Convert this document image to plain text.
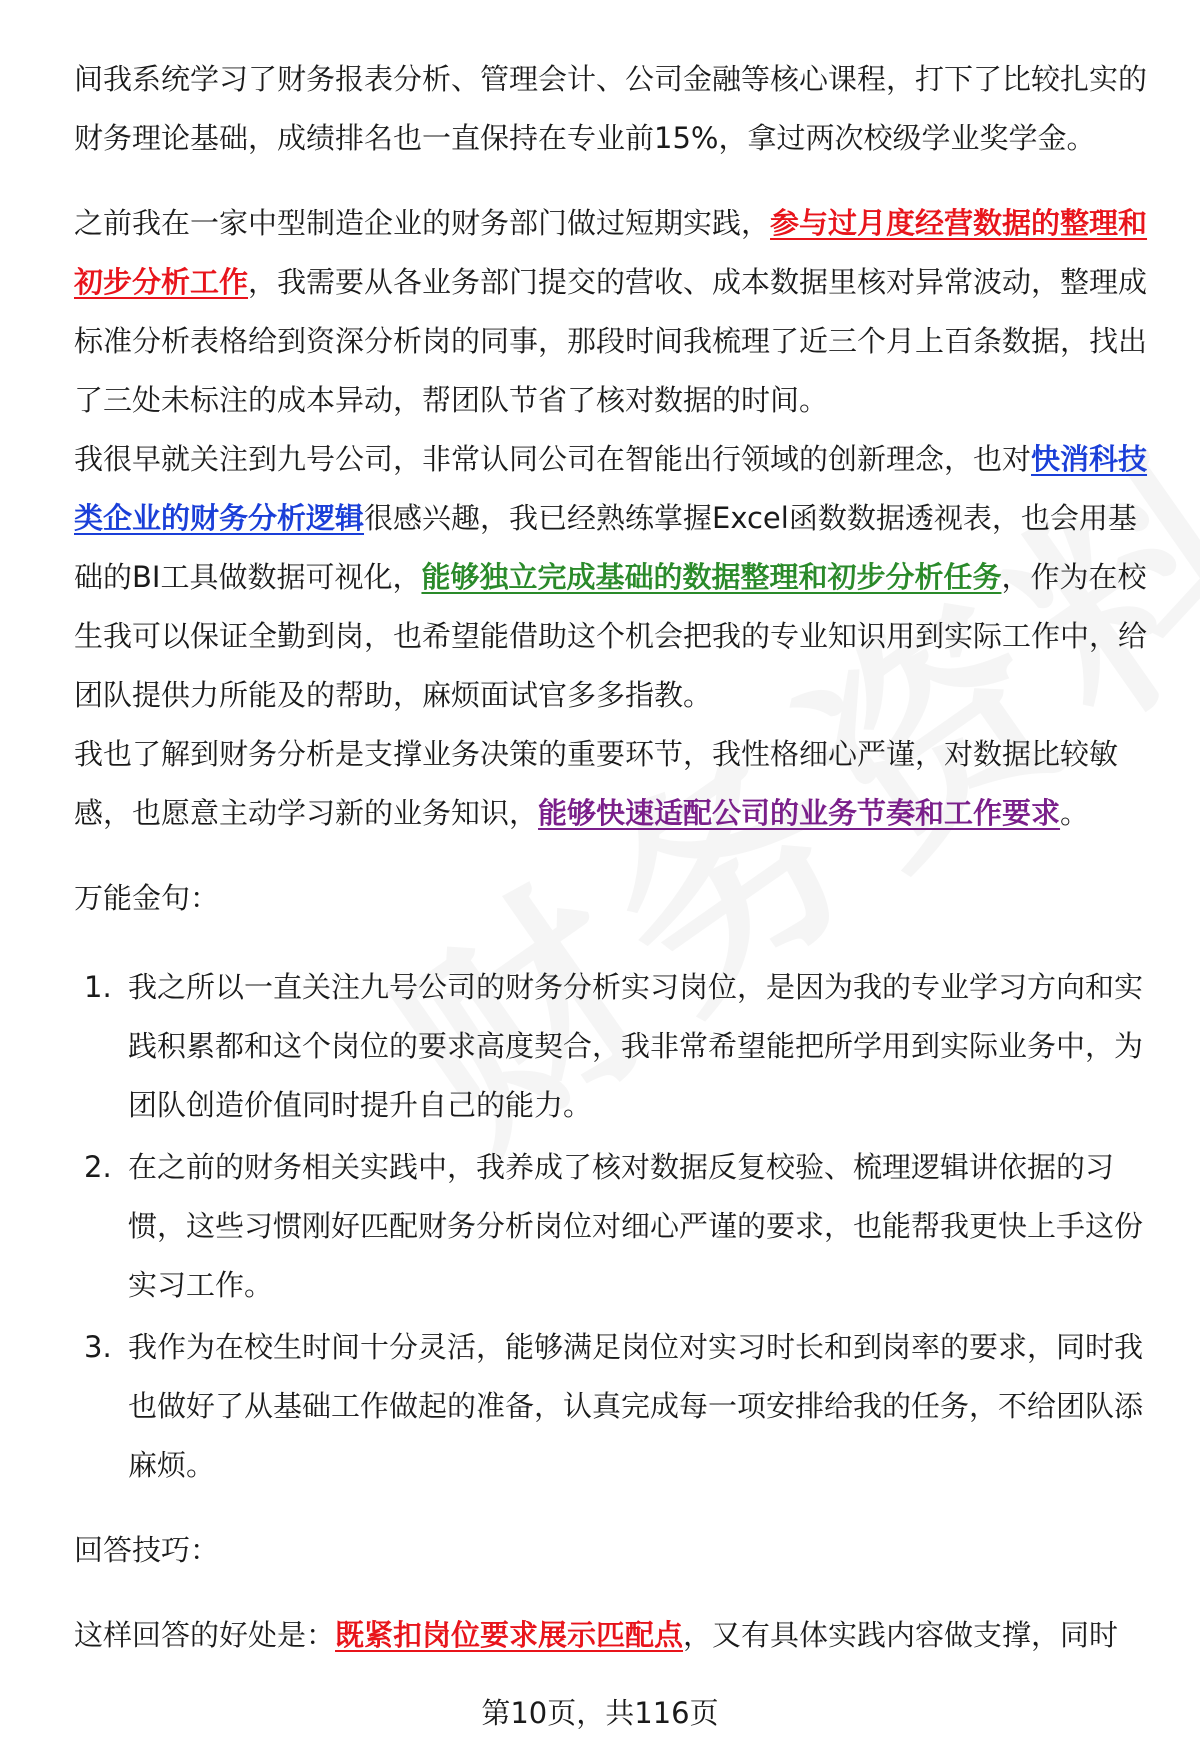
间我系统学习了财务报表分析、管理会计、公司金融等核心课程，打下了比较扎实的财务理论基础，成绩排名也一直保持在专业前15%，拿过两次校级学业奖学金。

之前我在一家中型制造企业的财务部门做过短期实践，参与过月度经营数据的整理和初步分析工作，我需要从各业务部门提交的营收、成本数据里核对异常波动，整理成标准分析表格给到资深分析岗的同事，那段时间我梳理了近三个月上百条数据，找出了三处未标注的成本异动，帮团队节省了核对数据的时间。

我很早就关注到九号公司，非常认同公司在智能出行领域的创新理念，也对快消科技类企业的财务分析逻辑很感兴趣，我已经熟练掌握Excel函数数据透视表，也会用基础的BI工具做数据可视化，能够独立完成基础的数据整理和初步分析任务，作为在校生我可以保证全勤到岗，也希望能借助这个机会把我的专业知识用到实际工作中，给团队提供力所能及的帮助，麻烦面试官多多指教。

我也了解到财务分析是支撑业务决策的重要环节，我性格细心严谨，对数据比较敏感，也愿意主动学习新的业务知识，能够快速适配公司的业务节奏和工作要求。

万能金句：

1. 我之所以一直关注九号公司的财务分析实习岗位，是因为我的专业学习方向和实践积累都和这个岗位的要求高度契合，我非常希望能把所学用到实际业务中，为团队创造价值同时提升自己的能力。
2. 在之前的财务相关实践中，我养成了核对数据反复校验、梳理逻辑讲依据的习惯，这些习惯刚好匹配财务分析岗位对细心严谨的要求，也能帮我更快上手这份实习工作。
3. 我作为在校生时间十分灵活，能够满足岗位对实习时长和到岗率的要求，同时我也做好了从基础工作做起的准备，认真完成每一项安排给我的任务，不给团队添麻烦。

回答技巧：

这样回答的好处是：既紧扣岗位要求展示匹配点，又有具体实践内容做支撑，同时

第10页，共116页
